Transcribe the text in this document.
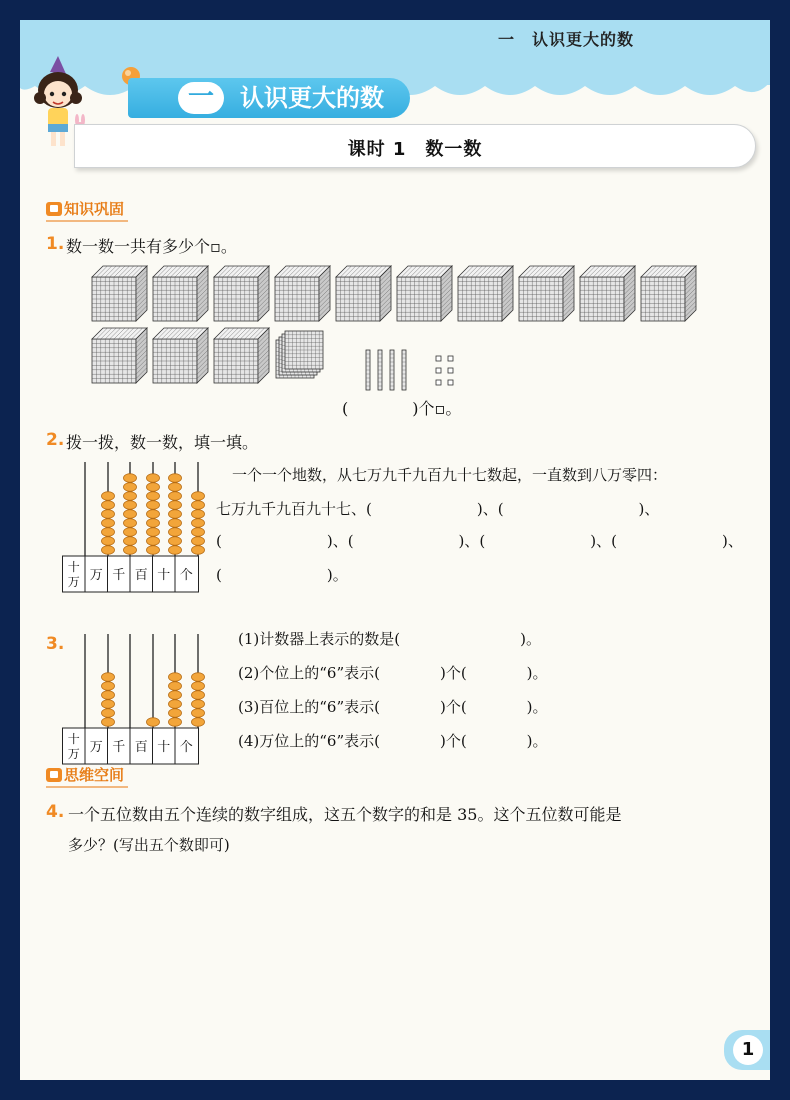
一　认识更大的数
一	认识更大的数
课时 1　数一数
知识巩固
1. 数一数一共有多少个▫。
(　　　　)个▫。
2. 拨一拨，数一数，填一填。
十
万 万 千 百 十 个
一个一个地数，从七万九千九百九十七数起，一直数到八万零四：
七万九千九百九十七、(　　　　　　　)、(　　　　　　　　　)、
(　　　　　　　)、(　　　　　　　)、(　　　　　　　)、(　　　　　　　)、
(　　　　　　　)。
3.
十
万 万 千 百 十 个
(1)计数器上表示的数是(　　　　　　　　)。
(2)个位上的“6”表示(　　　　)个(　　　　)。
(3)百位上的“6”表示(　　　　)个(　　　　)。
(4)万位上的“6”表示(　　　　)个(　　　　)。
思维空间
4. 一个五位数由五个连续的数字组成，这五个数字的和是 35。这个五位数可能是
多少？(写出五个数即可)
1
